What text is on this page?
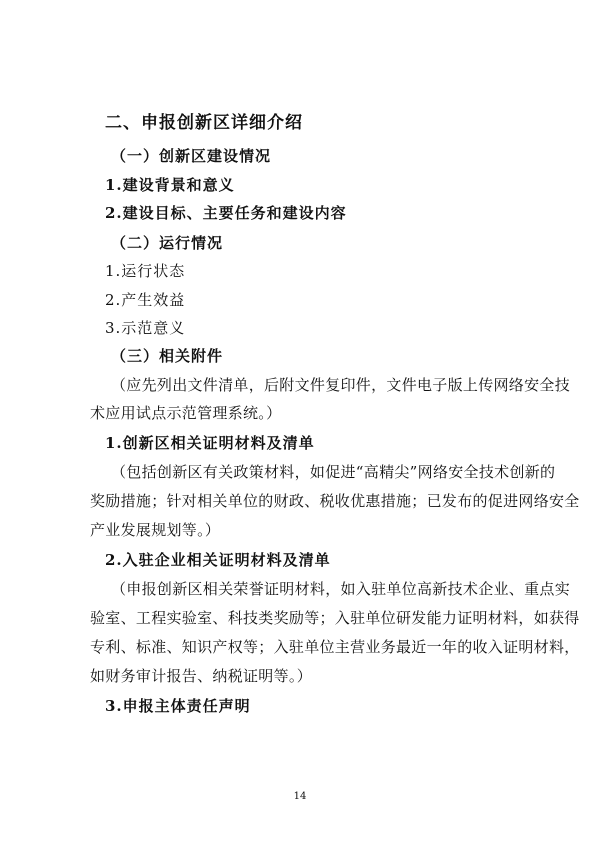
二、申报创新区详细介绍
（一）创新区建设情况
1.建设背景和意义
2.建设目标、主要任务和建设内容
（二）运行情况
1.运行状态
2.产生效益
3.示范意义
（三）相关附件
（应先列出文件清单，后附文件复印件，文件电子版上传网络安全技
术应用试点示范管理系统。）
1.创新区相关证明材料及清单
（包括创新区有关政策材料，如促进“高精尖”网络安全技术创新的
奖励措施；针对相关单位的财政、税收优惠措施；已发布的促进网络安全
产业发展规划等。）
2.入驻企业相关证明材料及清单
（申报创新区相关荣誉证明材料，如入驻单位高新技术企业、重点实
验室、工程实验室、科技类奖励等；入驻单位研发能力证明材料，如获得
专利、标准、知识产权等；入驻单位主营业务最近一年的收入证明材料，
如财务审计报告、纳税证明等。）
3.申报主体责任声明
14
